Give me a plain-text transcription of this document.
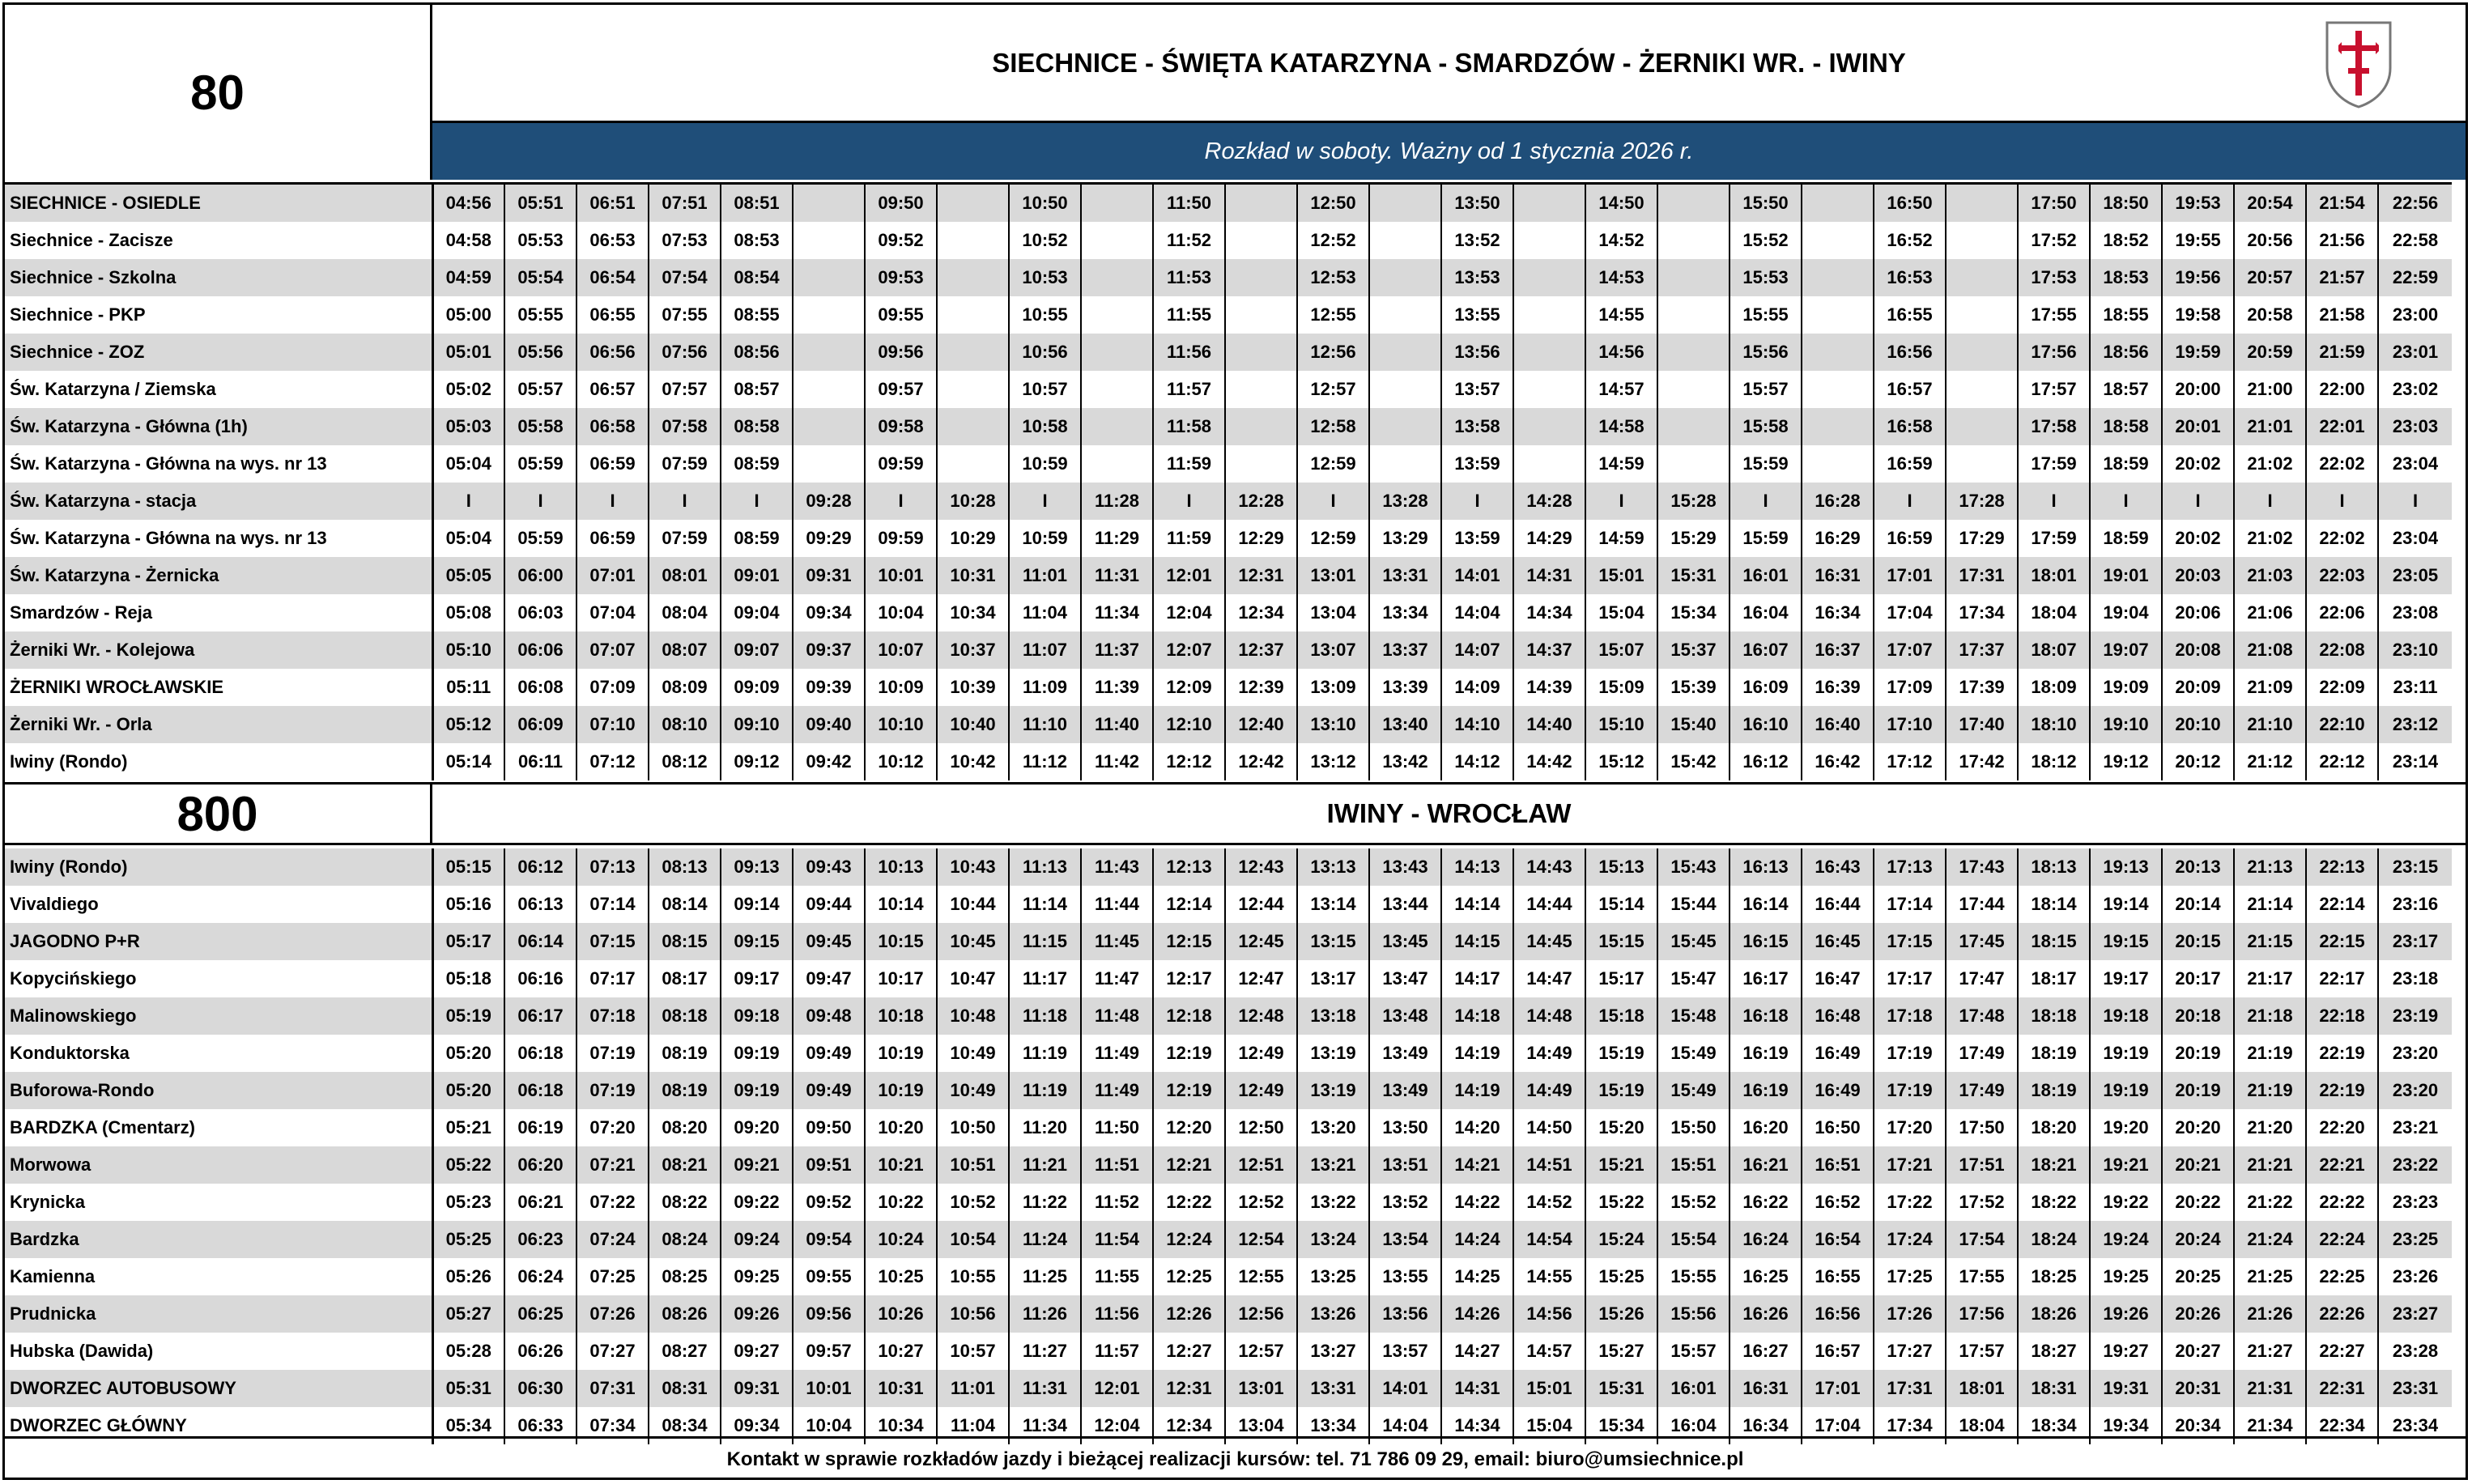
80
SIECHNICE - ŚWIĘTA KATARZYNA - SMARDZÓW - ŻERNIKI WR. - IWINY
Rozkład w soboty. Ważny od 1 stycznia 2026 r.
SIECHNICE - OSIEDLE	04:56	05:51	06:51	07:51	08:51		09:50		10:50		11:50		12:50		13:50		14:50		15:50		16:50		17:50	18:50	19:53	20:54	21:54	22:56
Siechnice - Zacisze	04:58	05:53	06:53	07:53	08:53		09:52		10:52		11:52		12:52		13:52		14:52		15:52		16:52		17:52	18:52	19:55	20:56	21:56	22:58
Siechnice - Szkolna	04:59	05:54	06:54	07:54	08:54		09:53		10:53		11:53		12:53		13:53		14:53		15:53		16:53		17:53	18:53	19:56	20:57	21:57	22:59
Siechnice - PKP	05:00	05:55	06:55	07:55	08:55		09:55		10:55		11:55		12:55		13:55		14:55		15:55		16:55		17:55	18:55	19:58	20:58	21:58	23:00
Siechnice - ZOZ	05:01	05:56	06:56	07:56	08:56		09:56		10:56		11:56		12:56		13:56		14:56		15:56		16:56		17:56	18:56	19:59	20:59	21:59	23:01
Św. Katarzyna / Ziemska	05:02	05:57	06:57	07:57	08:57		09:57		10:57		11:57		12:57		13:57		14:57		15:57		16:57		17:57	18:57	20:00	21:00	22:00	23:02
Św. Katarzyna - Główna (1h)	05:03	05:58	06:58	07:58	08:58		09:58		10:58		11:58		12:58		13:58		14:58		15:58		16:58		17:58	18:58	20:01	21:01	22:01	23:03
Św. Katarzyna - Główna na wys. nr 13	05:04	05:59	06:59	07:59	08:59		09:59		10:59		11:59		12:59		13:59		14:59		15:59		16:59		17:59	18:59	20:02	21:02	22:02	23:04
Św. Katarzyna - stacja	I	I	I	I	I	09:28	I	10:28	I	11:28	I	12:28	I	13:28	I	14:28	I	15:28	I	16:28	I	17:28	I	I	I	I	I	I
Św. Katarzyna - Główna na wys. nr 13	05:04	05:59	06:59	07:59	08:59	09:29	09:59	10:29	10:59	11:29	11:59	12:29	12:59	13:29	13:59	14:29	14:59	15:29	15:59	16:29	16:59	17:29	17:59	18:59	20:02	21:02	22:02	23:04
Św. Katarzyna - Żernicka	05:05	06:00	07:01	08:01	09:01	09:31	10:01	10:31	11:01	11:31	12:01	12:31	13:01	13:31	14:01	14:31	15:01	15:31	16:01	16:31	17:01	17:31	18:01	19:01	20:03	21:03	22:03	23:05
Smardzów - Reja	05:08	06:03	07:04	08:04	09:04	09:34	10:04	10:34	11:04	11:34	12:04	12:34	13:04	13:34	14:04	14:34	15:04	15:34	16:04	16:34	17:04	17:34	18:04	19:04	20:06	21:06	22:06	23:08
Żerniki Wr. - Kolejowa	05:10	06:06	07:07	08:07	09:07	09:37	10:07	10:37	11:07	11:37	12:07	12:37	13:07	13:37	14:07	14:37	15:07	15:37	16:07	16:37	17:07	17:37	18:07	19:07	20:08	21:08	22:08	23:10
ŻERNIKI WROCŁAWSKIE	05:11	06:08	07:09	08:09	09:09	09:39	10:09	10:39	11:09	11:39	12:09	12:39	13:09	13:39	14:09	14:39	15:09	15:39	16:09	16:39	17:09	17:39	18:09	19:09	20:09	21:09	22:09	23:11
Żerniki Wr. - Orla	05:12	06:09	07:10	08:10	09:10	09:40	10:10	10:40	11:10	11:40	12:10	12:40	13:10	13:40	14:10	14:40	15:10	15:40	16:10	16:40	17:10	17:40	18:10	19:10	20:10	21:10	22:10	23:12
Iwiny (Rondo)	05:14	06:11	07:12	08:12	09:12	09:42	10:12	10:42	11:12	11:42	12:12	12:42	13:12	13:42	14:12	14:42	15:12	15:42	16:12	16:42	17:12	17:42	18:12	19:12	20:12	21:12	22:12	23:14
800	IWINY - WROCŁAW
Iwiny (Rondo)	05:15	06:12	07:13	08:13	09:13	09:43	10:13	10:43	11:13	11:43	12:13	12:43	13:13	13:43	14:13	14:43	15:13	15:43	16:13	16:43	17:13	17:43	18:13	19:13	20:13	21:13	22:13	23:15
Vivaldiego	05:16	06:13	07:14	08:14	09:14	09:44	10:14	10:44	11:14	11:44	12:14	12:44	13:14	13:44	14:14	14:44	15:14	15:44	16:14	16:44	17:14	17:44	18:14	19:14	20:14	21:14	22:14	23:16
JAGODNO P+R	05:17	06:14	07:15	08:15	09:15	09:45	10:15	10:45	11:15	11:45	12:15	12:45	13:15	13:45	14:15	14:45	15:15	15:45	16:15	16:45	17:15	17:45	18:15	19:15	20:15	21:15	22:15	23:17
Kopycińskiego	05:18	06:16	07:17	08:17	09:17	09:47	10:17	10:47	11:17	11:47	12:17	12:47	13:17	13:47	14:17	14:47	15:17	15:47	16:17	16:47	17:17	17:47	18:17	19:17	20:17	21:17	22:17	23:18
Malinowskiego	05:19	06:17	07:18	08:18	09:18	09:48	10:18	10:48	11:18	11:48	12:18	12:48	13:18	13:48	14:18	14:48	15:18	15:48	16:18	16:48	17:18	17:48	18:18	19:18	20:18	21:18	22:18	23:19
Konduktorska	05:20	06:18	07:19	08:19	09:19	09:49	10:19	10:49	11:19	11:49	12:19	12:49	13:19	13:49	14:19	14:49	15:19	15:49	16:19	16:49	17:19	17:49	18:19	19:19	20:19	21:19	22:19	23:20
Buforowa-Rondo	05:20	06:18	07:19	08:19	09:19	09:49	10:19	10:49	11:19	11:49	12:19	12:49	13:19	13:49	14:19	14:49	15:19	15:49	16:19	16:49	17:19	17:49	18:19	19:19	20:19	21:19	22:19	23:20
BARDZKA (Cmentarz)	05:21	06:19	07:20	08:20	09:20	09:50	10:20	10:50	11:20	11:50	12:20	12:50	13:20	13:50	14:20	14:50	15:20	15:50	16:20	16:50	17:20	17:50	18:20	19:20	20:20	21:20	22:20	23:21
Morwowa	05:22	06:20	07:21	08:21	09:21	09:51	10:21	10:51	11:21	11:51	12:21	12:51	13:21	13:51	14:21	14:51	15:21	15:51	16:21	16:51	17:21	17:51	18:21	19:21	20:21	21:21	22:21	23:22
Krynicka	05:23	06:21	07:22	08:22	09:22	09:52	10:22	10:52	11:22	11:52	12:22	12:52	13:22	13:52	14:22	14:52	15:22	15:52	16:22	16:52	17:22	17:52	18:22	19:22	20:22	21:22	22:22	23:23
Bardzka	05:25	06:23	07:24	08:24	09:24	09:54	10:24	10:54	11:24	11:54	12:24	12:54	13:24	13:54	14:24	14:54	15:24	15:54	16:24	16:54	17:24	17:54	18:24	19:24	20:24	21:24	22:24	23:25
Kamienna	05:26	06:24	07:25	08:25	09:25	09:55	10:25	10:55	11:25	11:55	12:25	12:55	13:25	13:55	14:25	14:55	15:25	15:55	16:25	16:55	17:25	17:55	18:25	19:25	20:25	21:25	22:25	23:26
Prudnicka	05:27	06:25	07:26	08:26	09:26	09:56	10:26	10:56	11:26	11:56	12:26	12:56	13:26	13:56	14:26	14:56	15:26	15:56	16:26	16:56	17:26	17:56	18:26	19:26	20:26	21:26	22:26	23:27
Hubska (Dawida)	05:28	06:26	07:27	08:27	09:27	09:57	10:27	10:57	11:27	11:57	12:27	12:57	13:27	13:57	14:27	14:57	15:27	15:57	16:27	16:57	17:27	17:57	18:27	19:27	20:27	21:27	22:27	23:28
DWORZEC AUTOBUSOWY	05:31	06:30	07:31	08:31	09:31	10:01	10:31	11:01	11:31	12:01	12:31	13:01	13:31	14:01	14:31	15:01	15:31	16:01	16:31	17:01	17:31	18:01	18:31	19:31	20:31	21:31	22:31	23:31
DWORZEC GŁÓWNY	05:34	06:33	07:34	08:34	09:34	10:04	10:34	11:04	11:34	12:04	12:34	13:04	13:34	14:04	14:34	15:04	15:34	16:04	16:34	17:04	17:34	18:04	18:34	19:34	20:34	21:34	22:34	23:34
Kontakt w sprawie rozkładów jazdy i bieżącej realizacji kursów: tel. 71 786 09 29, email: biuro@umsiechnice.pl
